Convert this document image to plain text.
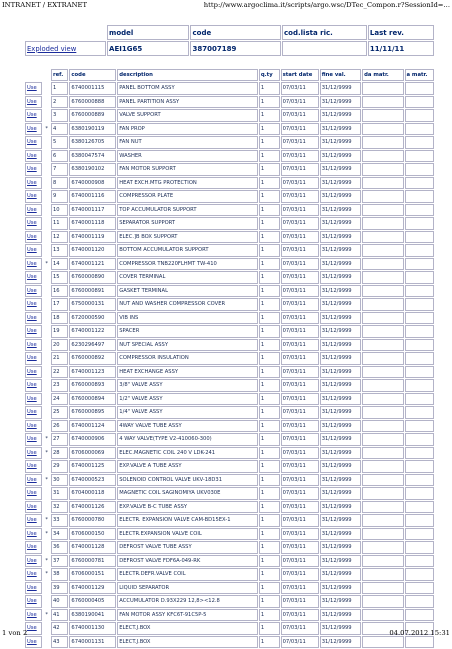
INTRANET / EXTRANET	http://www.argoclima.it/scripts/argo.wsc/DTec_Compon.r?SessionId=...
	model	code	cod.lista ric.	Last rev.
Exploded view	AEI1G65	387007189		11/11/11
		ref.	code	description	q.ty	start date	fine val.	da matr.	a matr.
Use		1	6740001115	PANEL BOTTOM ASSY	1	07/03/11	31/12/9999		
Use		2	6760000888	PANEL PARTITION ASSY	1	07/03/11	31/12/9999		
Use		3	6760000889	VALVE SUPPORT	1	07/03/11	31/12/9999		
Use	*	4	6380190119	FAN PROP	1	07/03/11	31/12/9999		
Use		5	6380126705	FAN NUT	1	07/03/11	31/12/9999		
Use		6	6380047574	WASHER	1	07/03/11	31/12/9999		
Use		7	6380190102	FAN MOTOR SUPPORT	1	07/03/11	31/12/9999		
Use		8	6740000908	HEAT EXCH.MTG PROTECTION	1	07/03/11	31/12/9999		
Use		9	6740001116	COMPRESSOR PLATE	1	07/03/11	31/12/9999		
Use		10	6740001117	TOP ACCUMULATOR SUPPORT	1	07/03/11	31/12/9999		
Use		11	6740001118	SEPARATOR SUPPORT	1	07/03/11	31/12/9999		
Use		12	6740001119	ELEC.]B BOX SUPPORT	1	07/03/11	31/12/9999		
Use		13	6740001120	BOTTOM ACCUMULATOR SUPPORT	1	07/03/11	31/12/9999		
Use	*	14	6740001121	COMPRESSOR TNB220FLHMT TW-410	1	07/03/11	31/12/9999		
Use		15	6760000890	COVER TERMINAL	1	07/03/11	31/12/9999		
Use		16	6760000891	GASKET TERMINAL	1	07/03/11	31/12/9999		
Use		17	6750000131	NUT AND WASHER COMPRESSOR COVER	1	07/03/11	31/12/9999		
Use		18	6720000590	VIB INS	1	07/03/11	31/12/9999		
Use		19	6740001122	SPACER	1	07/03/11	31/12/9999		
Use		20	6230296497	NUT SPECIAL ASSY	1	07/03/11	31/12/9999		
Use		21	6760000892	COMPRESSOR INSULATION	1	07/03/11	31/12/9999		
Use		22	6740001123	HEAT EXCHANGE ASSY	1	07/03/11	31/12/9999		
Use		23	6760000893	3/8" VALVE ASSY	1	07/03/11	31/12/9999		
Use		24	6760000894	1/2" VALVE ASSY	1	07/03/11	31/12/9999		
Use		25	6760000895	1/4" VALVE ASSY	1	07/03/11	31/12/9999		
Use		26	6740001124	4WAY VALVE TUBE ASSY	1	07/03/11	31/12/9999		
Use	*	27	6740000906	4 WAY VALVE(TYPE V2-410060-300)	1	07/03/11	31/12/9999		
Use	*	28	6706000069	ELEC.MAGNETIC COIL 240 V LDK-241	1	07/03/11	31/12/9999		
Use		29	6740001125	EXP.VALVE A TUBE ASSY	1	07/03/11	31/12/9999		
Use	*	30	6740000523	SOLENOID CONTROL VALVE UKV-18D31	1	07/03/11	31/12/9999		
Use		31	6704000118	MAGNETIC COIL SAGINOMIYA UKV030E	1	07/03/11	31/12/9999		
Use		32	6740001126	EXP.VALVE B-C TUBE ASSY	1	07/03/11	31/12/9999		
Use	*	33	6760000780	ELECTR. EXPANSION VALVE CAM-BD15EX-1	1	07/03/11	31/12/9999		
Use	*	34	6706000150	ELECTR.EXPANSION VALVE COIL	1	07/03/11	31/12/9999		
Use		36	6740001128	DEFROST VALVE TUBE ASSY	1	07/03/11	31/12/9999		
Use	*	37	6760000781	DEFROST VALVE FDF6A-049-RK	1	07/03/11	31/12/9999		
Use	*	38	6706000151	ELECTR.DEFR.VALVE COIL	1	07/03/11	31/12/9999		
Use		39	6740001129	LIQUID SEPARATOR	1	07/03/11	31/12/9999		
Use		40	6760000405	ACCUMULATOR D.93X229 12,8><12.8	1	07/03/11	31/12/9999		
Use	*	41	6380190041	FAN MOTOR ASSY KFC6T-91C5P-5	1	07/03/11	31/12/9999		
Use		42	6740001130	ELECT.J.BOX	1	07/03/11	31/12/9999		
Use		43	6740001131	ELECT.J.BOX	1	07/03/11	31/12/9999		
1 von 2	04.07.2012 15:31
